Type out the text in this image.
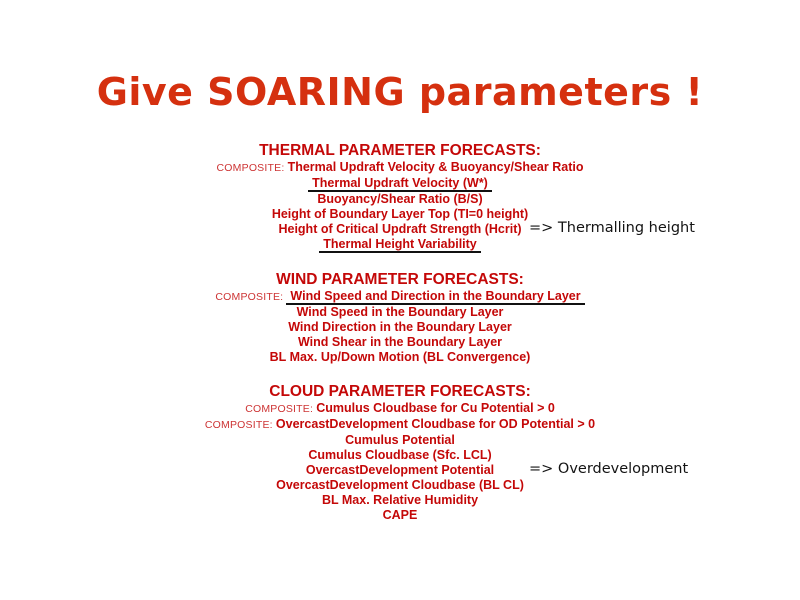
Give SOARING parameters !
THERMAL PARAMETER FORECASTS:
COMPOSITE: Thermal Updraft Velocity & Buoyancy/Shear Ratio
Thermal Updraft Velocity (W*)
Buoyancy/Shear Ratio (B/S)
Height of Boundary Layer Top (TI=0 height)
Height of Critical Updraft Strength (Hcrit) => Thermalling height
Thermal Height Variability
WIND PARAMETER FORECASTS:
COMPOSITE: Wind Speed and Direction in the Boundary Layer
Wind Speed in the Boundary Layer
Wind Direction in the Boundary Layer
Wind Shear in the Boundary Layer
BL Max. Up/Down Motion (BL Convergence)
CLOUD PARAMETER FORECASTS:
COMPOSITE: Cumulus Cloudbase for Cu Potential > 0
COMPOSITE: OvercastDevelopment Cloudbase for OD Potential > 0
Cumulus Potential
Cumulus Cloudbase (Sfc. LCL)
OvercastDevelopment Potential => Overdevelopment
OvercastDevelopment Cloudbase (BL CL)
BL Max. Relative Humidity
CAPE
